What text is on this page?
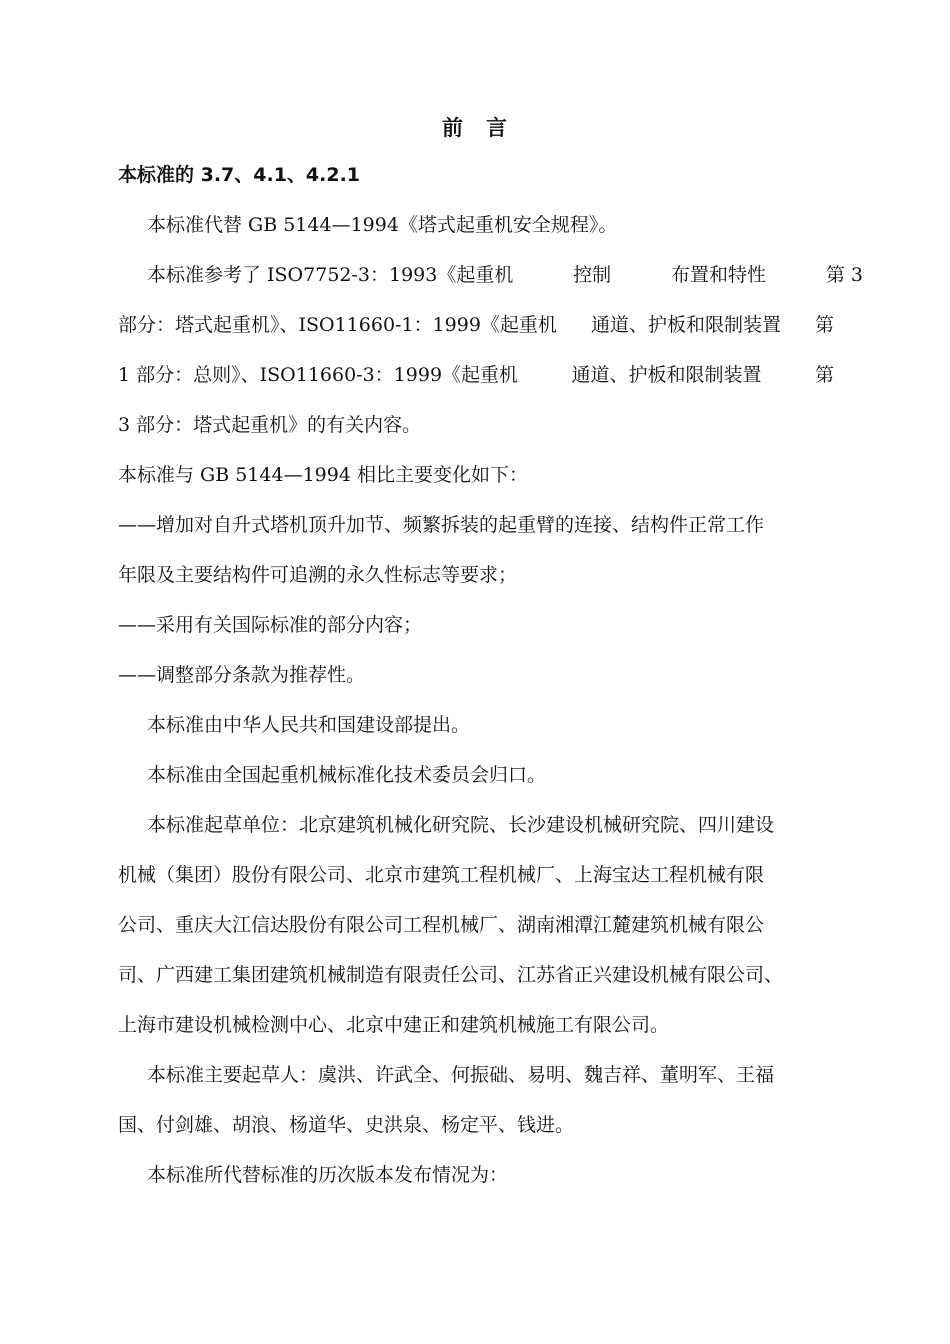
前 言
本标准的 3.7、4.1、4.2.1
本标准代替 GB 5144—1994《塔式起重机安全规程》。
本标准参考了 ISO7752-3：1993《起重机	控制	布置和特性	第 3
部分：塔式起重机》、ISO11660-1：1999《起重机 通道、护板和限制装置 第
1 部分：总则》、ISO11660-3：1999《起重机	通道、护板和限制装置	第
3 部分：塔式起重机》的有关内容。
本标准与 GB 5144—1994 相比主要变化如下：
——增加对自升式塔机顶升加节、频繁拆装的起重臂的连接、结构件正常工作
年限及主要结构件可追溯的永久性标志等要求；
——采用有关国际标准的部分内容；
——调整部分条款为推荐性。
本标准由中华人民共和国建设部提出。
本标准由全国起重机械标准化技术委员会归口。
本标准起草单位：北京建筑机械化研究院、长沙建设机械研究院、四川建设
机械（集团）股份有限公司、北京市建筑工程机械厂、上海宝达工程机械有限
公司、重庆大江信达股份有限公司工程机械厂、湖南湘潭江麓建筑机械有限公
司、广西建工集团建筑机械制造有限责任公司、江苏省正兴建设机械有限公司、
上海市建设机械检测中心、北京中建正和建筑机械施工有限公司。
本标准主要起草人：虞洪、许武全、何振础、易明、魏吉祥、董明军、王福
国、付剑雄、胡浪、杨道华、史洪泉、杨定平、钱进。
本标准所代替标准的历次版本发布情况为：
